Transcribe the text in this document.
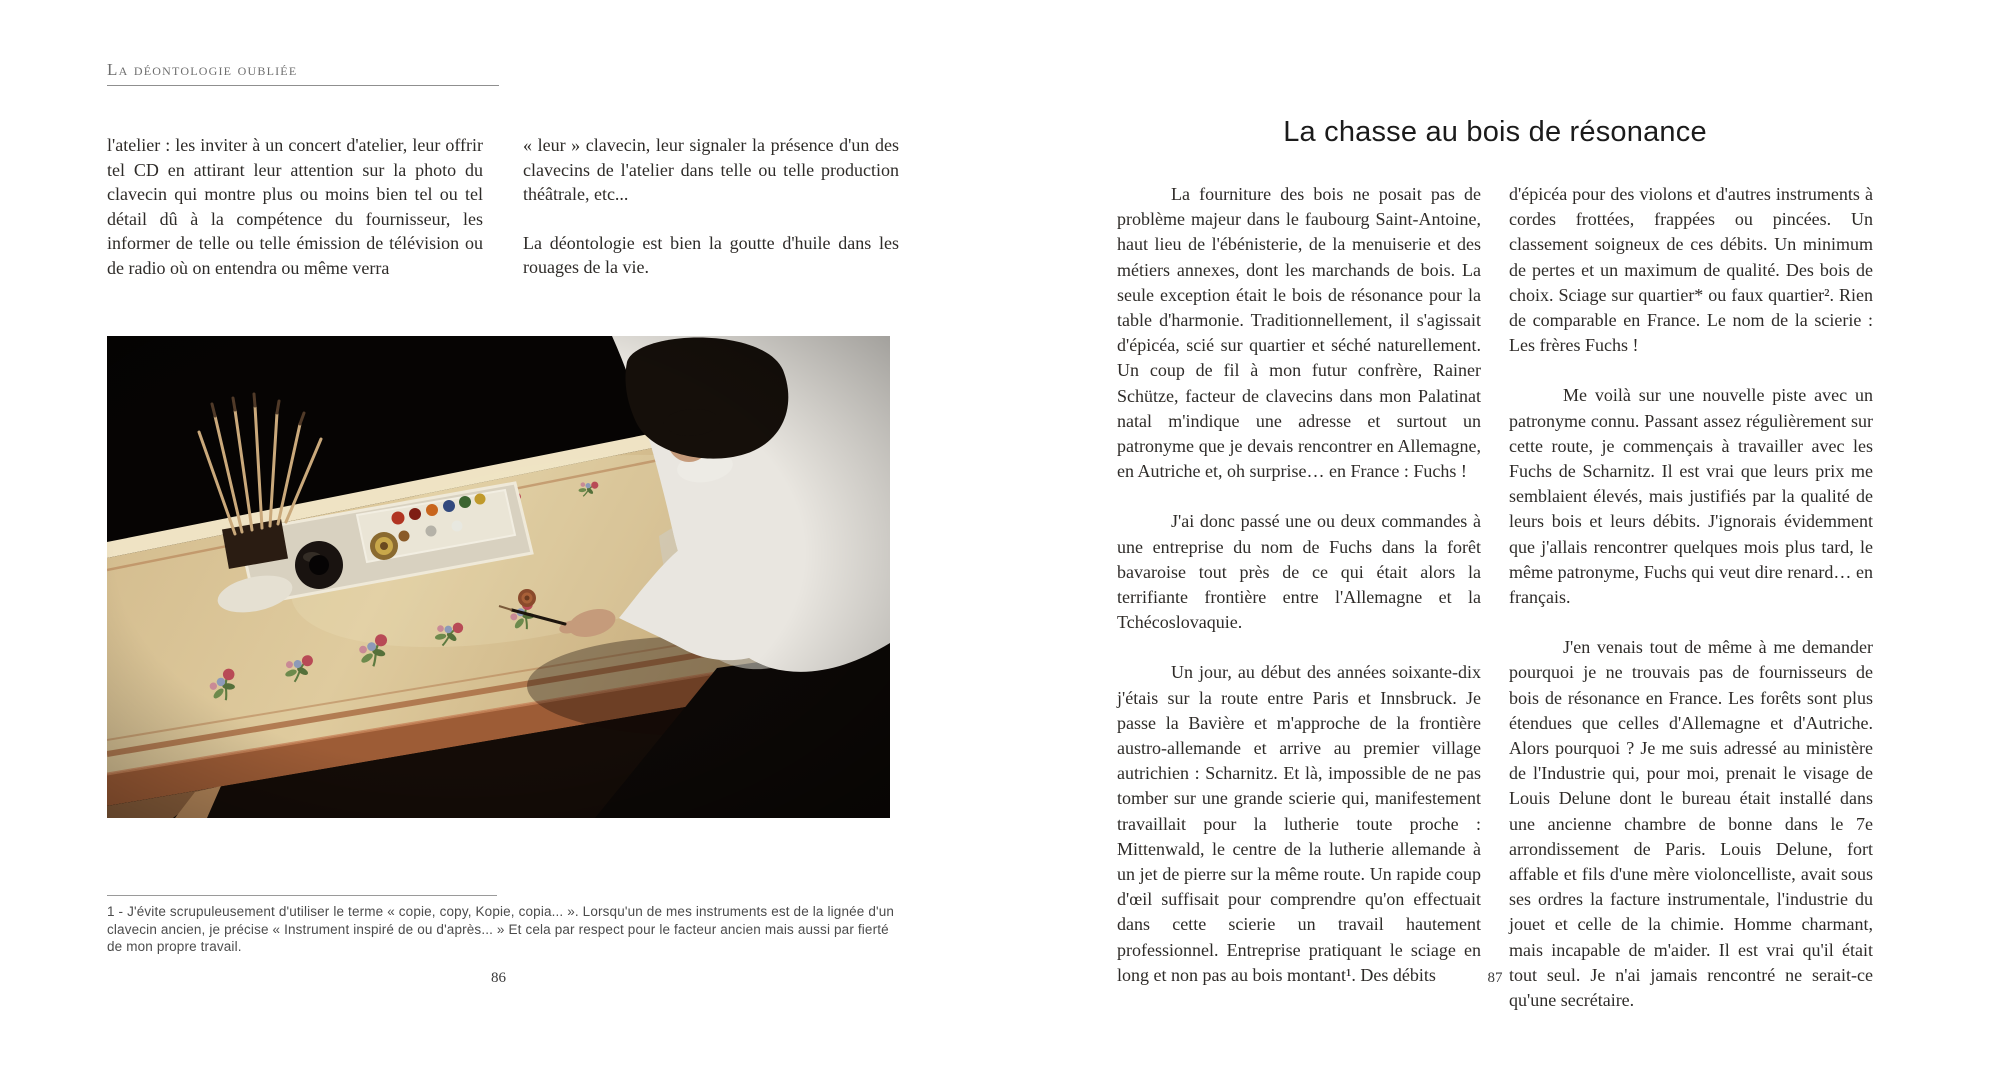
La déontologie oubliée

l'atelier : les inviter à un concert d'atelier, leur offrir tel CD en attirant leur attention sur la photo du clavecin qui montre plus ou moins bien tel ou tel détail dû à la compétence du fournisseur, les informer de telle ou telle émission de télévision ou de radio où on entendra ou même verra

« leur » clavecin, leur signaler la présence d'un des clavecins de l'atelier dans telle ou telle production théâtrale, etc...

La déontologie est bien la goutte d'huile dans les rouages de la vie.

1 - J'évite scrupuleusement d'utiliser le terme « copie, copy, Kopie, copia... ». Lorsqu'un de mes instruments est de la lignée d'un clavecin ancien, je précise « Instrument inspiré de ou d'après... » Et cela par respect pour le facteur ancien mais aussi par fierté de mon propre travail.
86
La chasse au bois de résonance

La fourniture des bois ne posait pas de problème majeur dans le faubourg Saint-Antoine, haut lieu de l'ébénisterie, de la menuiserie et des métiers annexes, dont les marchands de bois. La seule exception était le bois de résonance pour la table d'harmonie. Traditionnellement, il s'agissait d'épicéa, scié sur quartier et séché naturellement. Un coup de fil à mon futur confrère, Rainer Schütze, facteur de clavecins dans mon Palatinat natal m'indique une adresse et surtout un patronyme que je devais rencontrer en Allemagne, en Autriche et, oh surprise… en France : Fuchs !

J'ai donc passé une ou deux commandes à une entreprise du nom de Fuchs dans la forêt bavaroise tout près de ce qui était alors la terrifiante frontière entre l'Allemagne et la Tchécoslovaquie.

Un jour, au début des années soixante-dix j'étais sur la route entre Paris et Innsbruck. Je passe la Bavière et m'approche de la frontière austro-allemande et arrive au premier village autrichien : Scharnitz. Et là, impossible de ne pas tomber sur une grande scierie qui, manifestement travaillait pour la lutherie toute proche : Mittenwald, le centre de la lutherie allemande à un jet de pierre sur la même route. Un rapide coup d'œil suffisait pour comprendre qu'on effectuait dans cette scierie un travail hautement professionnel. Entreprise pratiquant le sciage en long et non pas au bois montant¹. Des débits

d'épicéa pour des violons et d'autres instruments à cordes frottées, frappées ou pincées. Un classement soigneux de ces débits. Un minimum de pertes et un maximum de qualité. Des bois de choix. Sciage sur quartier* ou faux quartier². Rien de comparable en France. Le nom de la scierie : Les frères Fuchs !

Me voilà sur une nouvelle piste avec un patronyme connu. Passant assez régulièrement sur cette route, je commençais à travailler avec les Fuchs de Scharnitz. Il est vrai que leurs prix me semblaient élevés, mais justifiés par la qualité de leurs bois et leurs débits. J'ignorais évidemment que j'allais rencontrer quelques mois plus tard, le même patronyme, Fuchs qui veut dire renard… en français.

J'en venais tout de même à me demander pourquoi je ne trouvais pas de fournisseurs de bois de résonance en France. Les forêts sont plus étendues que celles d'Allemagne et d'Autriche. Alors pourquoi ? Je me suis adressé au ministère de l'Industrie qui, pour moi, prenait le visage de Louis Delune dont le bureau était installé dans une ancienne chambre de bonne dans le 7e arrondissement de Paris. Louis Delune, fort affable et fils d'une mère violoncelliste, avait sous ses ordres la facture instrumentale, l'industrie du jouet et celle de la chimie. Homme charmant, mais incapable de m'aider. Il est vrai qu'il était tout seul. Je n'ai jamais rencontré ne serait-ce qu'une secrétaire.

87
